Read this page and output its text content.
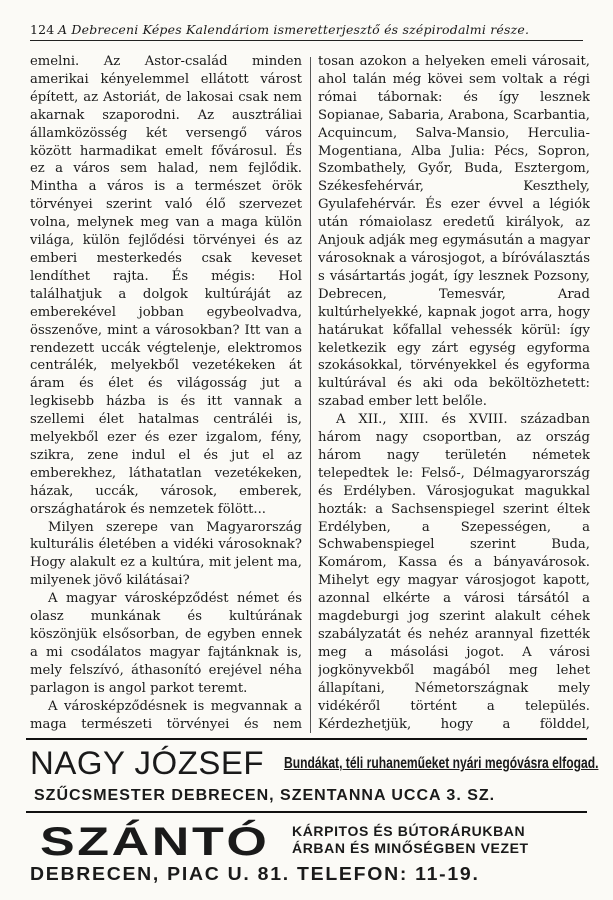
124 A Debreceni Képes Kalendáriom ismeretterjesztő és szépirodalmi része.

emelni. Az Astor-család minden amerikai kényelemmel ellátott várost épített, az Astoriát, de lakosai csak nem akarnak szaporodni. Az ausztráliai államközösség két versengő város között harmadikat emelt fővárosul. És ez a város sem halad, nem fejlődik. Mintha a város is a természet örök törvényei szerint való élő szervezet volna, melynek meg van a maga külön világa, külön fejlődési törvényei és az emberi mesterkedés csak keveset lendíthet rajta. És mégis: Hol találhatjuk a dolgok kultúráját az emberekével jobban egybeolvadva, összenőve, mint a városokban? Itt van a rendezett uccák végtelenje, elektromos centrálék, melyekből vezetékeken át áram és élet és világosság jut a legkisebb házba is és itt vannak a szellemi élet hatalmas centráléi is, melyekből ezer és ezer izgalom, fény, szikra, zene indul el és jut el az emberekhez, láthatatlan vezetékeken, házak, uccák, városok, emberek, országhatárok és nemzetek fölött...

Milyen szerepe van Magyarország kulturális életében a vidéki városoknak? Hogy alakult ez a kultúra, mit jelent ma, milyenek jövő kilátásai?

A magyar városképződést német és olasz munkának és kultúrának köszönjük elsősorban, de egyben ennek a mi csodálatos magyar fajtánknak is, mely felszívó, áthasonító erejével néha parlagon is angol parkot teremt.

A városképződésnek is megvannak a maga természeti törvényei és nem

tosan azokon a helyeken emeli városait, ahol talán még kövei sem voltak a régi római tábornak: és így lesznek Sopianae, Sabaria, Arabona, Scarbantia, Acquincum, Salva-Mansio, Herculia-Mogentiana, Alba Julia: Pécs, Sopron, Szombathely, Győr, Buda, Esztergom, Székesfehérvár, Keszthely, Gyulafehérvár. És ezer évvel a légiók után rómaiolasz eredetű királyok, az Anjouk adják meg egymásután a magyar városoknak a városjogot, a bíróválasztás s vásártartás jogát, így lesznek Pozsony, Debrecen, Temesvár, Arad kultúrhelyekké, kapnak jogot arra, hogy határukat kőfallal vehessék körül: így keletkezik egy zárt egység egyforma szokásokkal, törvényekkel és egyforma kultúrával és aki oda beköltözhetett: szabad ember lett belőle.

A XII., XIII. és XVIII. században három nagy csoportban, az ország három nagy területén németek telepedtek le: Felső-, Délmagyarország és Erdélyben. Városjogukat magukkal hozták: a Sachsenspiegel szerint éltek Erdélyben, a Szepességen, a Schwabenspiegel szerint Buda, Komárom, Kassa és a bányavárosok. Mihelyt egy magyar városjogot kapott, azonnal elkérte a városi társától a magdeburgi jog szerint alakult céhek szabályzatát és nehéz arannyal fizették meg a másolási jogot. A városi jogkönyvekből magából meg lehet állapítani, Németországnak mely vidékéről történt a település. Kérdezhetjük, hogy a földdel,

NAGY JÓZSEF Bundákat, téli ruhaneműeket nyári megóvásra elfogad.
SZŰCSMESTER DEBRECEN, SZENTANNA UCCA 3. SZ.
SZÁNTÓ KÁRPITOS ÉS BÚTORÁRUKBAN
ÁRBAN ÉS MINŐSÉGBEN VEZET
DEBRECEN, PIAC U. 81. TELEFON: 11-19.
